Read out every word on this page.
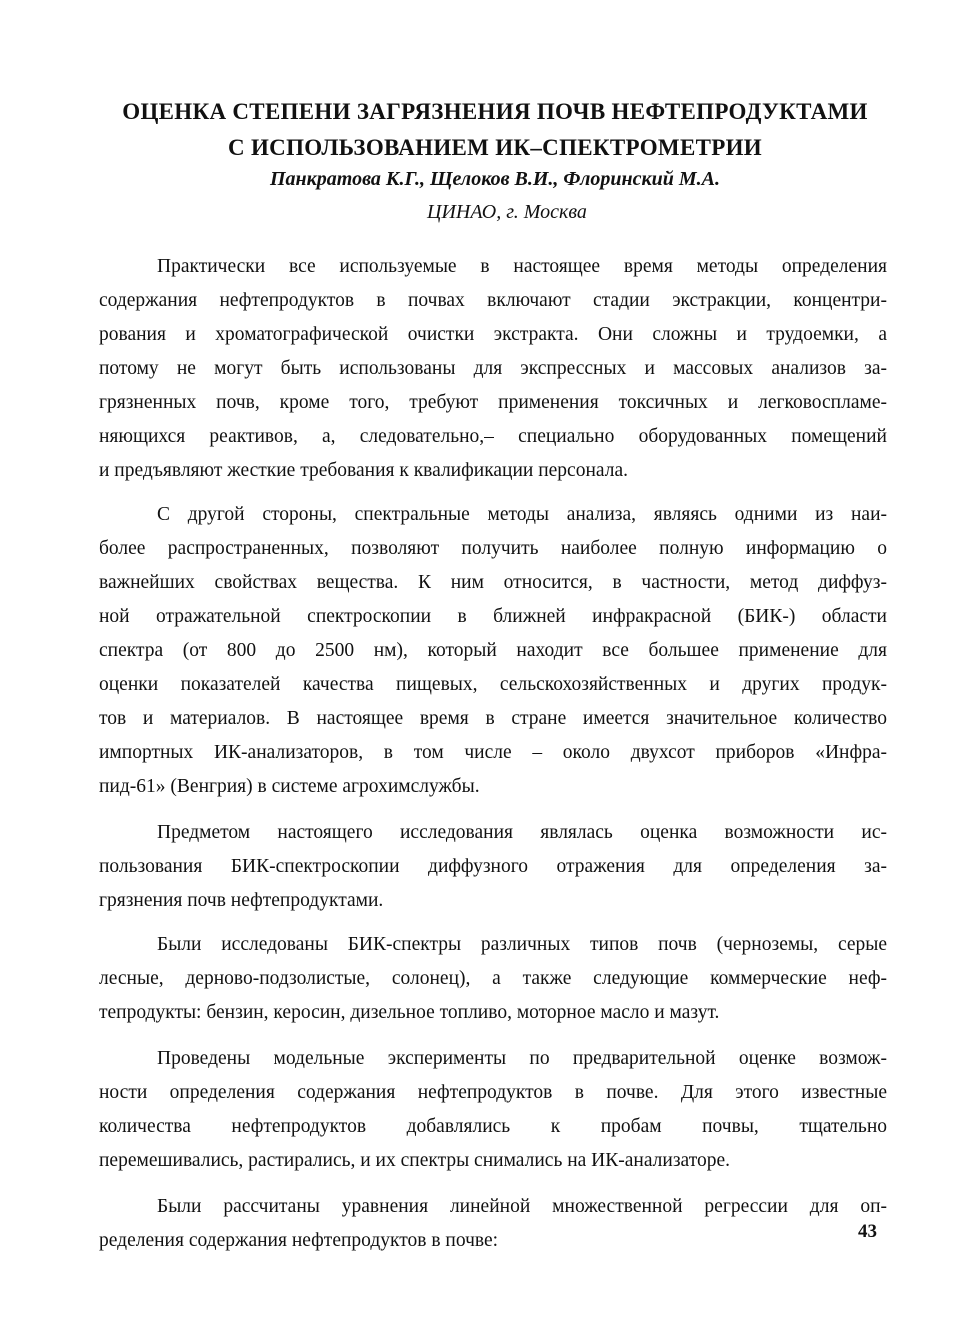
ОЦЕНКА СТЕПЕНИ ЗАГРЯЗНЕНИЯ ПОЧВ НЕФТЕПРОДУКТАМИ
С ИСПОЛЬЗОВАНИЕМ ИК–СПЕКТРОМЕТРИИ
Панкратова К.Г., Щелоков В.И., Флоринский М.А.
ЦИНАО, г. Москва
Практически все используемые в настоящее время методы определения
содержания нефтепродуктов в почвах включают стадии экстракции, концентри-
рования и хроматографической очистки экстракта. Они сложны и трудоемки, а
потому не могут быть использованы для экспрессных и массовых анализов за-
грязненных почв, кроме того, требуют применения токсичных и легковоспламе-
няющихся реактивов, а, следовательно,– специально оборудованных помещений
и предъявляют жесткие требования к квалификации персонала.
С другой стороны, спектральные методы анализа, являясь одними из наи-
более распространенных, позволяют получить наиболее полную информацию о
важнейших свойствах вещества. К ним относится, в частности, метод диффуз-
ной отражательной спектроскопии в ближней инфракрасной (БИК-) области
спектра (от 800 до 2500 нм), который находит все большее применение для
оценки показателей качества пищевых, сельскохозяйственных и других продук-
тов и материалов. В настоящее время в стране имеется значительное количество
импортных ИК-анализаторов, в том числе – около двухсот приборов «Инфра-
пид-61» (Венгрия) в системе агрохимслужбы.
Предметом настоящего исследования являлась оценка возможности ис-
пользования БИК-спектроскопии диффузного отражения для определения за-
грязнения почв нефтепродуктами.
Были исследованы БИК-спектры различных типов почв (черноземы, серые
лесные, дерново-подзолистые, солонец), а также следующие коммерческие неф-
тепродукты: бензин, керосин, дизельное топливо, моторное масло и мазут.
Проведены модельные эксперименты по предварительной оценке возмож-
ности определения содержания нефтепродуктов в почве. Для этого известные
количества нефтепродуктов добавлялись к пробам почвы, тщательно
перемешивались, растирались, и их спектры снимались на ИК-анализаторе.
Были рассчитаны уравнения линейной множественной регрессии для оп-
ределения содержания нефтепродуктов в почве:	43
